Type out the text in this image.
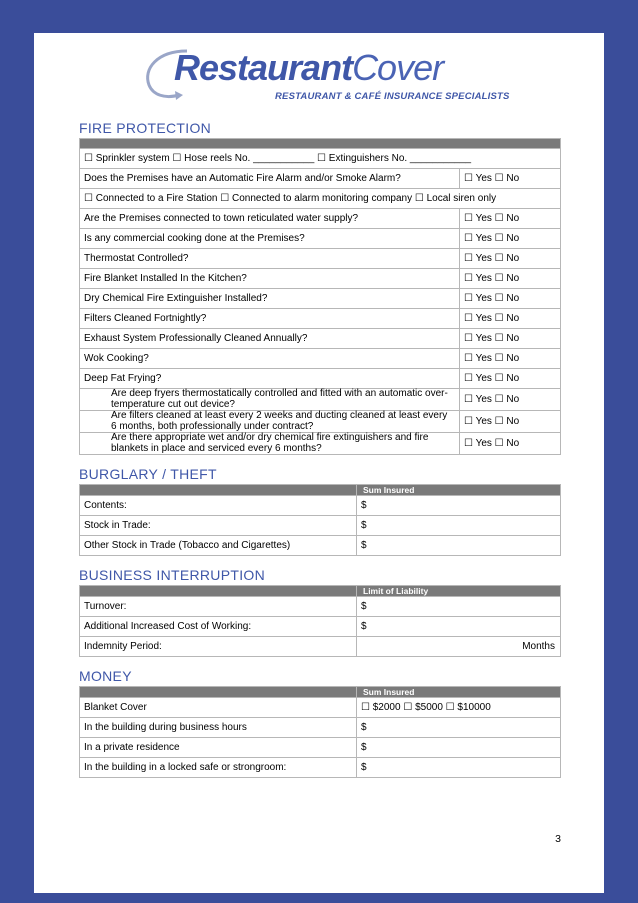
RestaurantCover
RESTAURANT & CAFÉ INSURANCE SPECIALISTS
FIRE PROTECTION

☐ Sprinkler system ☐ Hose reels No. ___________ ☐ Extinguishers No. ___________	
Does the Premises have an Automatic Fire Alarm and/or Smoke Alarm?	☐ Yes ☐ No
☐ Connected to a Fire Station ☐ Connected to alarm monitoring company ☐ Local siren only	
Are the Premises connected to town reticulated water supply?	☐ Yes ☐ No
Is any commercial cooking done at the Premises?	☐ Yes ☐ No
Thermostat Controlled?	☐ Yes ☐ No
Fire Blanket Installed In the Kitchen?	☐ Yes ☐ No
Dry Chemical Fire Extinguisher Installed?	☐ Yes ☐ No
Filters Cleaned Fortnightly?	☐ Yes ☐ No
Exhaust System Professionally Cleaned Annually?	☐ Yes ☐ No
Wok Cooking?	☐ Yes ☐ No
Deep Fat Frying?	☐ Yes ☐ No
Are deep fryers thermostatically controlled and fitted with an automatic over-temperature cut out device?	☐ Yes ☐ No
Are filters cleaned at least every 2 weeks and ducting cleaned at least every 6 months, both professionally under contract?	☐ Yes ☐ No
Are there appropriate wet and/or dry chemical fire extinguishers and fire blankets in place and serviced every 6 months?	☐ Yes ☐ No
BURGLARY / THEFT
	Sum Insured
Contents:	$
Stock in Trade:	$
Other Stock in Trade (Tobacco and Cigarettes)	$
BUSINESS INTERRUPTION
	Limit of Liability
Turnover:	$
Additional Increased Cost of Working:	$
Indemnity Period:	Months
MONEY
	Sum Insured
Blanket Cover	☐ $2000 ☐ $5000 ☐ $10000
In the building during business hours	$
In a private residence	$
In the building in a locked safe or strongroom:	$
3
